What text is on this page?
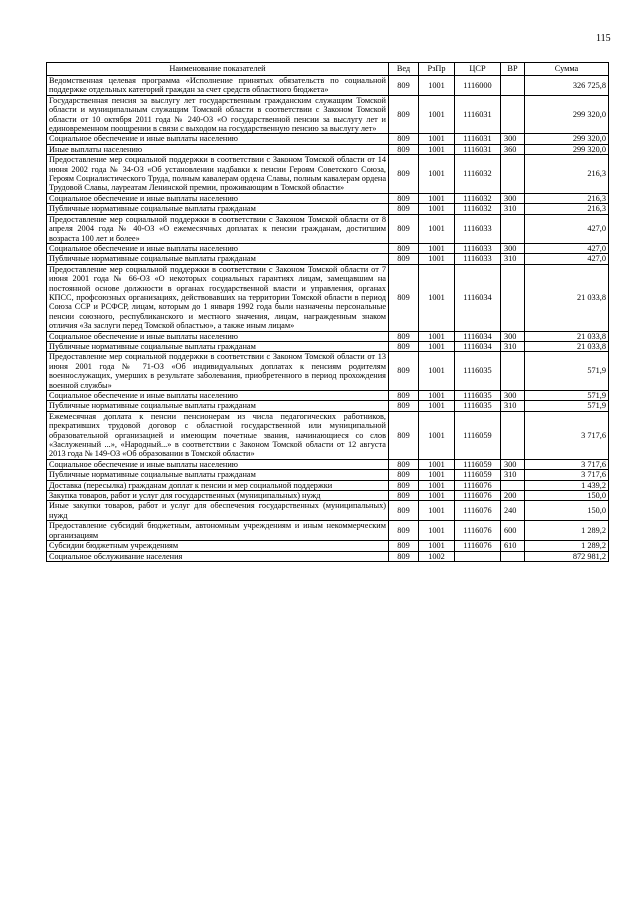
115
Наименование показателей	Вед	РзПр	ЦСР	ВР	Сумма
Ведомственная целевая программа «Исполнение принятых обязательств по социальной поддержке отдельных категорий граждан за счет средств областного бюджета»	809	1001	1116000		326 725,8
Государственная пенсия за выслугу лет государственным гражданским служащим Томской области и муниципальным служащим Томской области в соответствии с Законом Томской области от 10 октября 2011 года № 240-ОЗ «О государственной пенсии за выслугу лет и единовременном поощрении в связи с выходом на государственную пенсию за выслугу лет»	809	1001	1116031		299 320,0
Социальное обеспечение и иные выплаты населению	809	1001	1116031	300	299 320,0
Иные выплаты населению	809	1001	1116031	360	299 320,0
Предоставление мер социальной поддержки в соответствии с Законом Томской области от 14 июня 2002 года № 34-ОЗ «Об установлении надбавки к пенсии Героям Советского Союза, Героям Социалистического Труда, полным кавалерам ордена Славы, полным кавалерам ордена Трудовой Славы, лауреатам Ленинской премии, проживающим в Томской области»	809	1001	1116032		216,3
Социальное обеспечение и иные выплаты населению	809	1001	1116032	300	216,3
Публичные нормативные социальные выплаты гражданам	809	1001	1116032	310	216,3
Предоставление мер социальной поддержки в соответствии с Законом Томской области от 8 апреля 2004 года № 40-ОЗ «О ежемесячных доплатах к пенсии гражданам, достигшим возраста 100 лет и более»	809	1001	1116033		427,0
Социальное обеспечение и иные выплаты населению	809	1001	1116033	300	427,0
Публичные нормативные социальные выплаты гражданам	809	1001	1116033	310	427,0
Предоставление мер социальной поддержки в соответствии с Законом Томской области от 7 июня 2001 года № 66-ОЗ «О некоторых социальных гарантиях лицам, замещавшим на постоянной основе должности в органах государственной власти и управления, органах КПСС, профсоюзных организациях, действовавших на территории Томской области в период Союза ССР и РСФСР, лицам, которым до 1 января 1992 года были назначены персональные пенсии союзного, республиканского и местного значения, лицам, награжденным знаком отличия «За заслуги перед Томской областью», а также иным лицам»	809	1001	1116034		21 033,8
Социальное обеспечение и иные выплаты населению	809	1001	1116034	300	21 033,8
Публичные нормативные социальные выплаты гражданам	809	1001	1116034	310	21 033,8
Предоставление мер социальной поддержки в соответствии с Законом Томской области от 13 июня 2001 года № 71-ОЗ «Об индивидуальных доплатах к пенсиям родителям военнослужащих, умерших в результате заболевания, приобретенного в период прохождения военной службы»	809	1001	1116035		571,9
Социальное обеспечение и иные выплаты населению	809	1001	1116035	300	571,9
Публичные нормативные социальные выплаты гражданам	809	1001	1116035	310	571,9
Ежемесячная доплата к пенсии пенсионерам из числа педагогических работников, прекративших трудовой договор с областной государственной или муниципальной образовательной организацией и имеющим почетные звания, начинающиеся со слов «Заслуженный ...», «Народный...» в соответствии с Законом Томской области от 12 августа 2013 года № 149-ОЗ «Об образовании в Томской области»	809	1001	1116059		3 717,6
Социальное обеспечение и иные выплаты населению	809	1001	1116059	300	3 717,6
Публичные нормативные социальные выплаты гражданам	809	1001	1116059	310	3 717,6
Доставка (пересылка) гражданам доплат к пенсии и мер социальной поддержки	809	1001	1116076		1 439,2
Закупка товаров, работ и услуг для государственных (муниципальных) нужд	809	1001	1116076	200	150,0
Иные закупки товаров, работ и услуг для обеспечения государственных (муниципальных) нужд	809	1001	1116076	240	150,0
Предоставление субсидий бюджетным, автономным учреждениям и иным некоммерческим организациям	809	1001	1116076	600	1 289,2
Субсидии бюджетным учреждениям	809	1001	1116076	610	1 289,2
Социальное обслуживание населения	809	1002			872 981,2
